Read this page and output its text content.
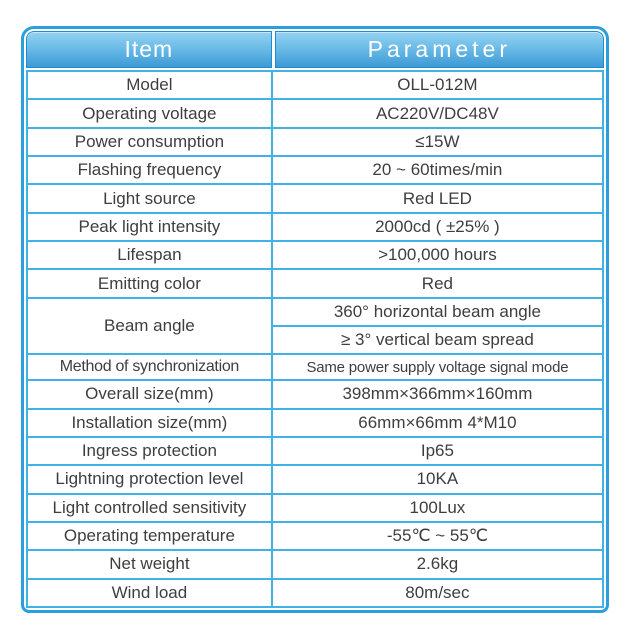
Item	Parameter
Model	OLL-012M
Operating voltage	AC220V/DC48V
Power consumption	≤15W
Flashing frequency	20 ~ 60times/min
Light source	Red LED
Peak light intensity	2000cd ( ±25% )
Lifespan	>100,000 hours
Emitting color	Red
Beam angle	360° horizontal beam angle
	≥ 3° vertical beam spread
Method of synchronization	Same power supply voltage signal mode
Overall size(mm)	398mm×366mm×160mm
Installation size(mm)	66mm×66mm 4*M10
Ingress protection	Ip65
Lightning protection level	10KA
Light controlled sensitivity	100Lux
Operating temperature	-55℃ ~ 55℃
Net weight	2.6kg
Wind load	80m/sec
